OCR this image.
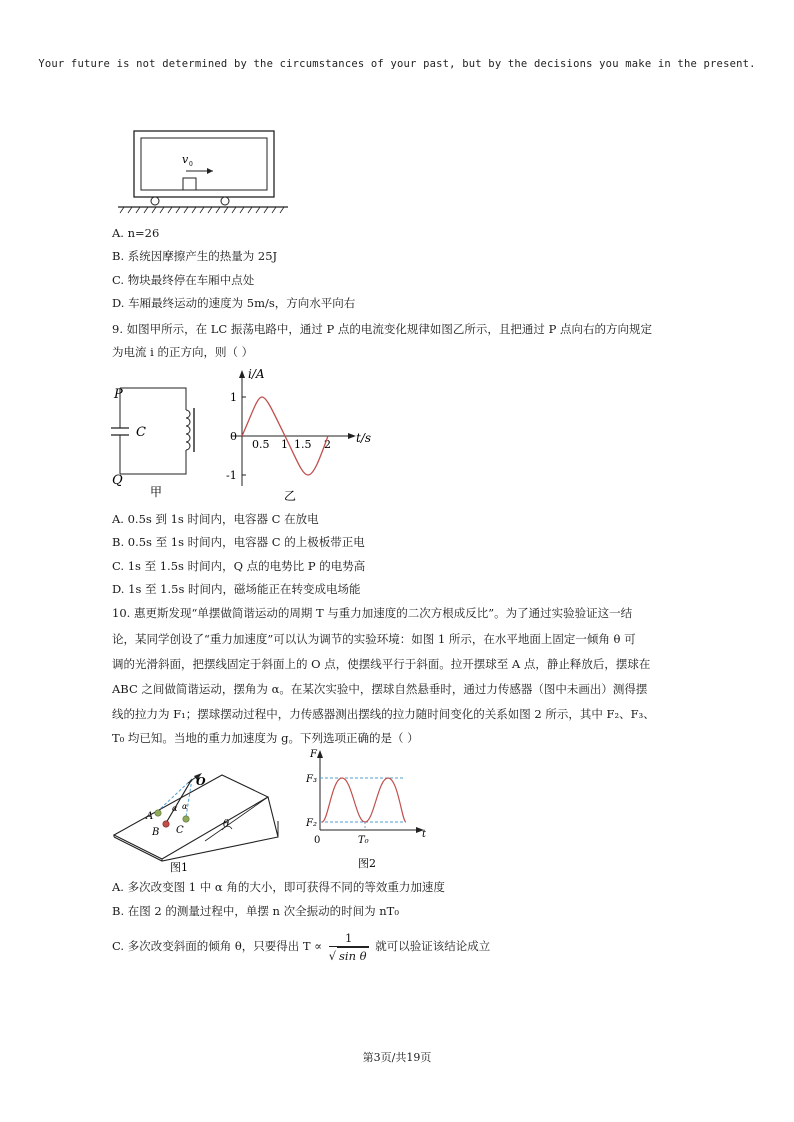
Your future is not determined by the circumstances of your past, but by the decisions you make in the present.
v 0
A. n=26
B. 系统因摩擦产生的热量为 25J
C. 物块最终停在车厢中点处
D. 车厢最终运动的速度为 5m/s，方向水平向右
9. 如图甲所示，在 LC 振荡电路中，通过 P 点的电流变化规律如图乙所示，且把通过 P 点向右的方向规定
为电流 i 的正方向，则（ ）
P
Q
C
甲
i/A
t/s
1
0
-1
0.5 1 1.5 2
乙
A. 0.5s 到 1s 时间内，电容器 C 在放电
B. 0.5s 至 1s 时间内，电容器 C 的上极板带正电
C. 1s 至 1.5s 时间内，Q 点的电势比 P 的电势高
D. 1s 至 1.5s 时间内，磁场能正在转变成电场能
10. 惠更斯发现“单摆做简谐运动的周期 T 与重力加速度的二次方根成反比”。为了通过实验验证这一结
论，某同学创设了“重力加速度”可以认为调节的实验环境：如图 1 所示，在水平地面上固定一倾角 θ 可
调的光滑斜面，把摆线固定于斜面上的 O 点，使摆线平行于斜面。拉开摆球至 A 点，静止释放后，摆球在
ABC 之间做简谐运动，摆角为 α。在某次实验中，摆球自然悬垂时，通过力传感器（图中未画出）测得摆
线的拉力为 F₁；摆球摆动过程中，力传感器测出摆线的拉力随时间变化的关系如图 2 所示，其中 F₂、F₃、
T₀ 均已知。当地的重力加速度为 g。下列选项正确的是（ ）
θ
O
A
B C
α α
图1
F
t
F₃
F₂
0	T₀
图2
A. 多次改变图 1 中 α 角的大小，即可获得不同的等效重力加速度
B. 在图 2 的测量过程中，单摆 n 次全振动的时间为 nT₀
C. 多次改变斜面的倾角 θ，只要得出 $T \propto \frac{1}{\text{√ sin θ}}$ 就可以验证该结论成立
第3页/共19页
